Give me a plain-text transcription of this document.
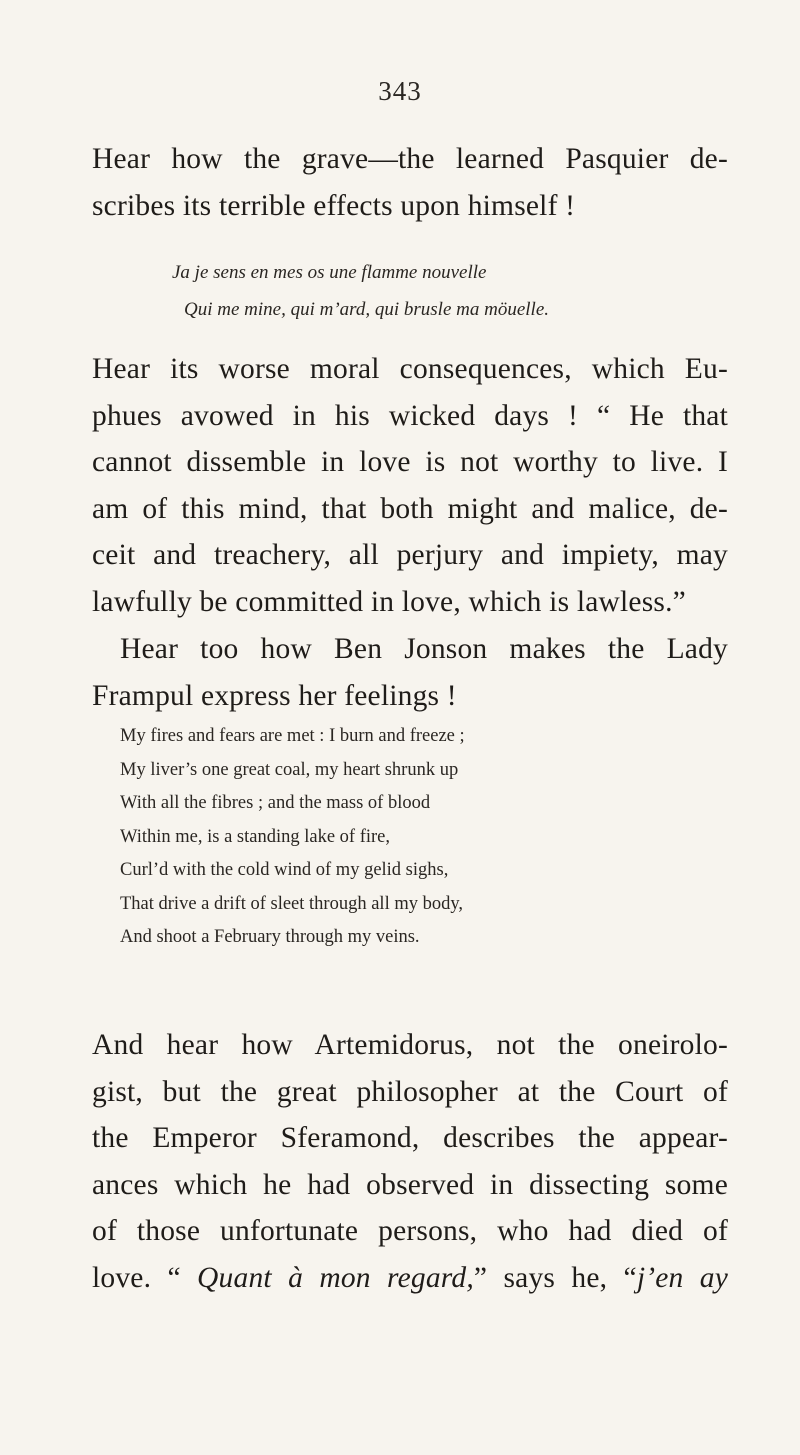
343
Hear how the grave—the learned Pasquier de-
scribes its terrible effects upon himself !
Ja je sens en mes os une flamme nouvelle
Qui me mine, qui m’ard, qui brusle ma möuelle.
Hear its worse moral consequences, which Eu-
phues avowed in his wicked days ! “ He that
cannot dissemble in love is not worthy to live. I
am of this mind, that both might and malice, de-
ceit and treachery, all perjury and impiety, may
lawfully be committed in love, which is lawless.”
Hear too how Ben Jonson makes the Lady
Frampul express her feelings !
My fires and fears are met : I burn and freeze ;
My liver’s one great coal, my heart shrunk up
With all the fibres ; and the mass of blood
Within me, is a standing lake of fire,
Curl’d with the cold wind of my gelid sighs,
That drive a drift of sleet through all my body,
And shoot a February through my veins.
And hear how Artemidorus, not the oneirolo-
gist, but the great philosopher at the Court of
the Emperor Sferamond, describes the appear-
ances which he had observed in dissecting some
of those unfortunate persons, who had died of
love. “ Quant à mon regard,” says he, “j’en ay
